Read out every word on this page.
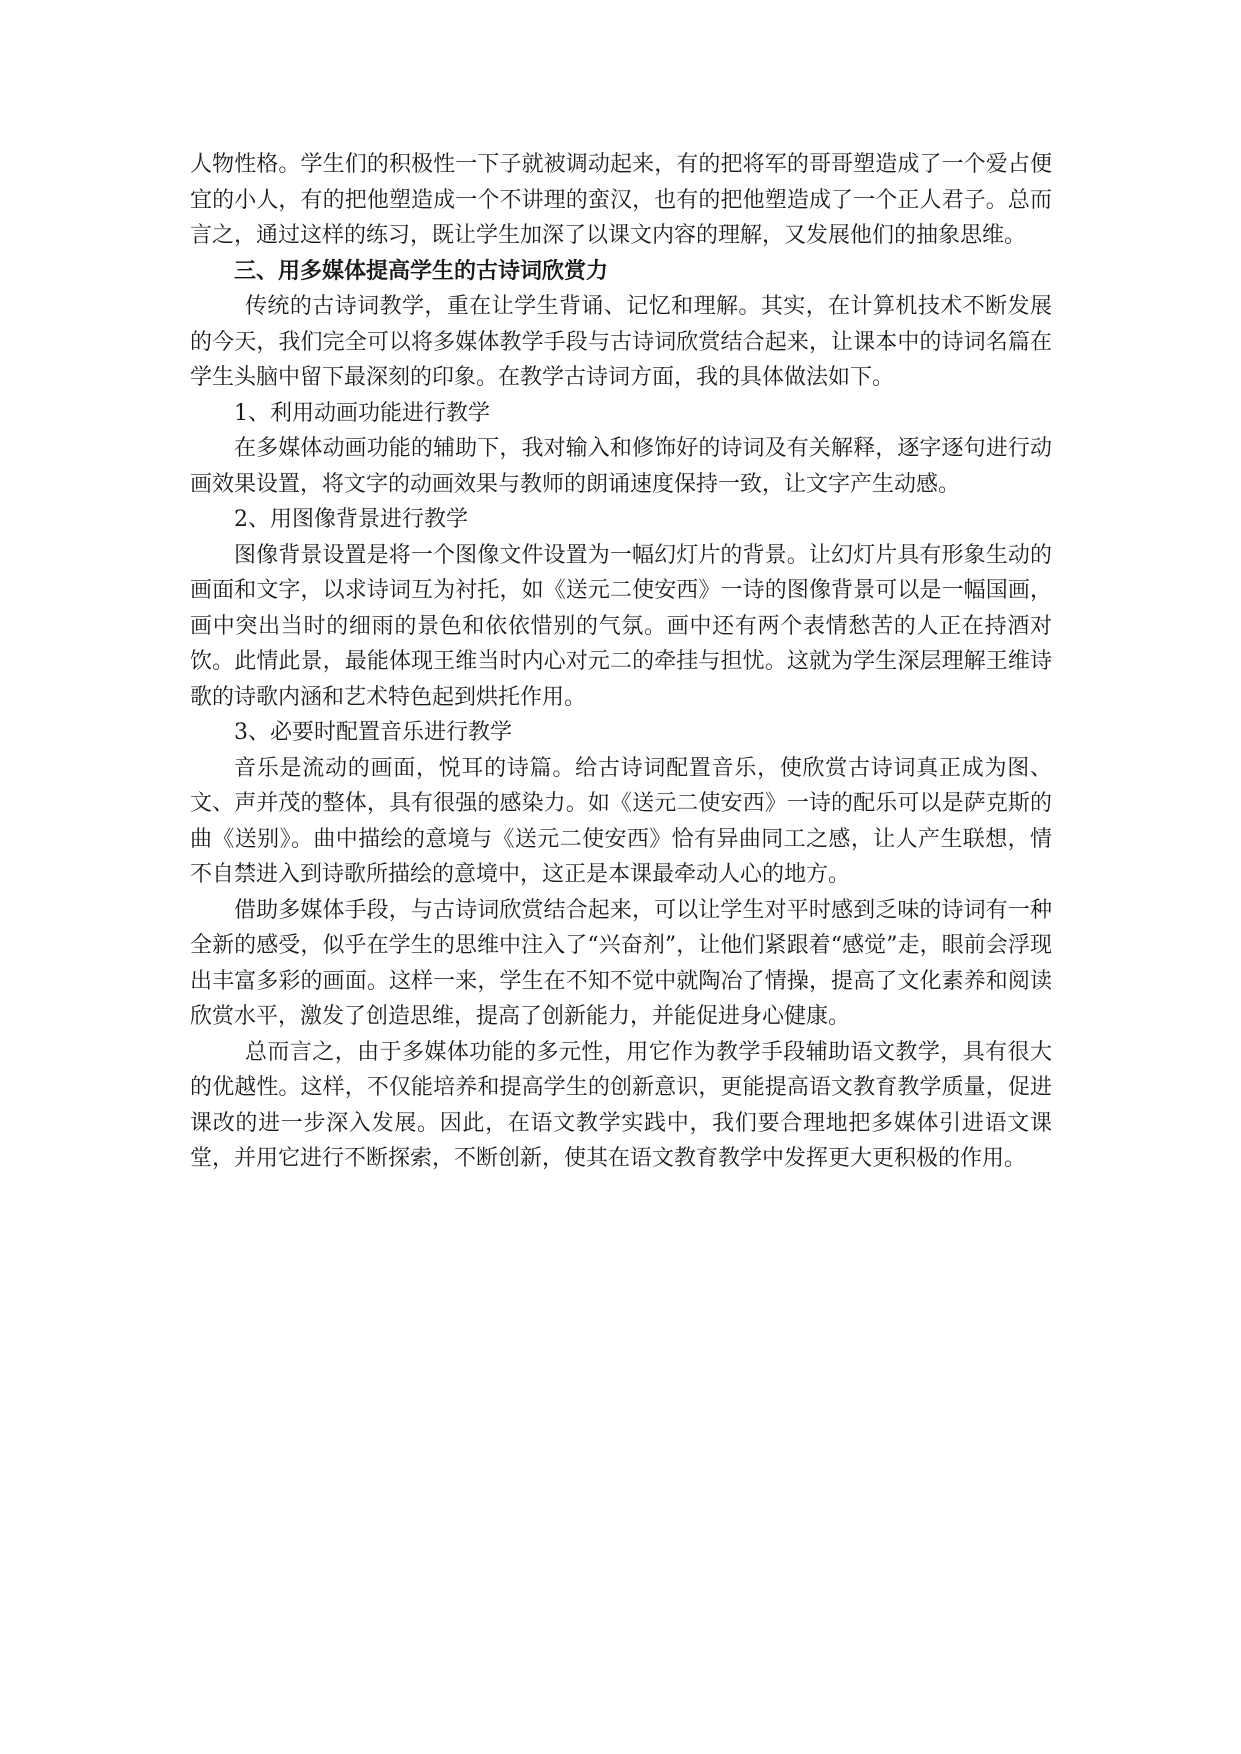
人物性格。学生们的积极性一下子就被调动起来，有的把将军的哥哥塑造成了一个爱占便宜的小人，有的把他塑造成一个不讲理的蛮汉，也有的把他塑造成了一个正人君子。总而言之，通过这样的练习，既让学生加深了以课文内容的理解，又发展他们的抽象思维。

三、用多媒体提高学生的古诗词欣赏力

传统的古诗词教学，重在让学生背诵、记忆和理解。其实，在计算机技术不断发展的今天，我们完全可以将多媒体教学手段与古诗词欣赏结合起来，让课本中的诗词名篇在学生头脑中留下最深刻的印象。在教学古诗词方面，我的具体做法如下。

1、利用动画功能进行教学

在多媒体动画功能的辅助下，我对输入和修饰好的诗词及有关解释，逐字逐句进行动画效果设置，将文字的动画效果与教师的朗诵速度保持一致，让文字产生动感。

2、用图像背景进行教学

图像背景设置是将一个图像文件设置为一幅幻灯片的背景。让幻灯片具有形象生动的画面和文字，以求诗词互为衬托，如《送元二使安西》一诗的图像背景可以是一幅国画，画中突出当时的细雨的景色和依依惜别的气氛。画中还有两个表情愁苦的人正在持酒对饮。此情此景，最能体现王维当时内心对元二的牵挂与担忧。这就为学生深层理解王维诗歌的诗歌内涵和艺术特色起到烘托作用。

3、必要时配置音乐进行教学

音乐是流动的画面，悦耳的诗篇。给古诗词配置音乐，使欣赏古诗词真正成为图、文、声并茂的整体，具有很强的感染力。如《送元二使安西》一诗的配乐可以是萨克斯的曲《送别》。曲中描绘的意境与《送元二使安西》恰有异曲同工之感，让人产生联想，情不自禁进入到诗歌所描绘的意境中，这正是本课最牵动人心的地方。

借助多媒体手段，与古诗词欣赏结合起来，可以让学生对平时感到乏味的诗词有一种全新的感受，似乎在学生的思维中注入了“兴奋剂”，让他们紧跟着“感觉”走，眼前会浮现出丰富多彩的画面。这样一来，学生在不知不觉中就陶冶了情操，提高了文化素养和阅读欣赏水平，激发了创造思维，提高了创新能力，并能促进身心健康。

总而言之，由于多媒体功能的多元性，用它作为教学手段辅助语文教学，具有很大的优越性。这样，不仅能培养和提高学生的创新意识，更能提高语文教育教学质量，促进课改的进一步深入发展。因此，在语文教学实践中，我们要合理地把多媒体引进语文课堂，并用它进行不断探索，不断创新，使其在语文教育教学中发挥更大更积极的作用。
